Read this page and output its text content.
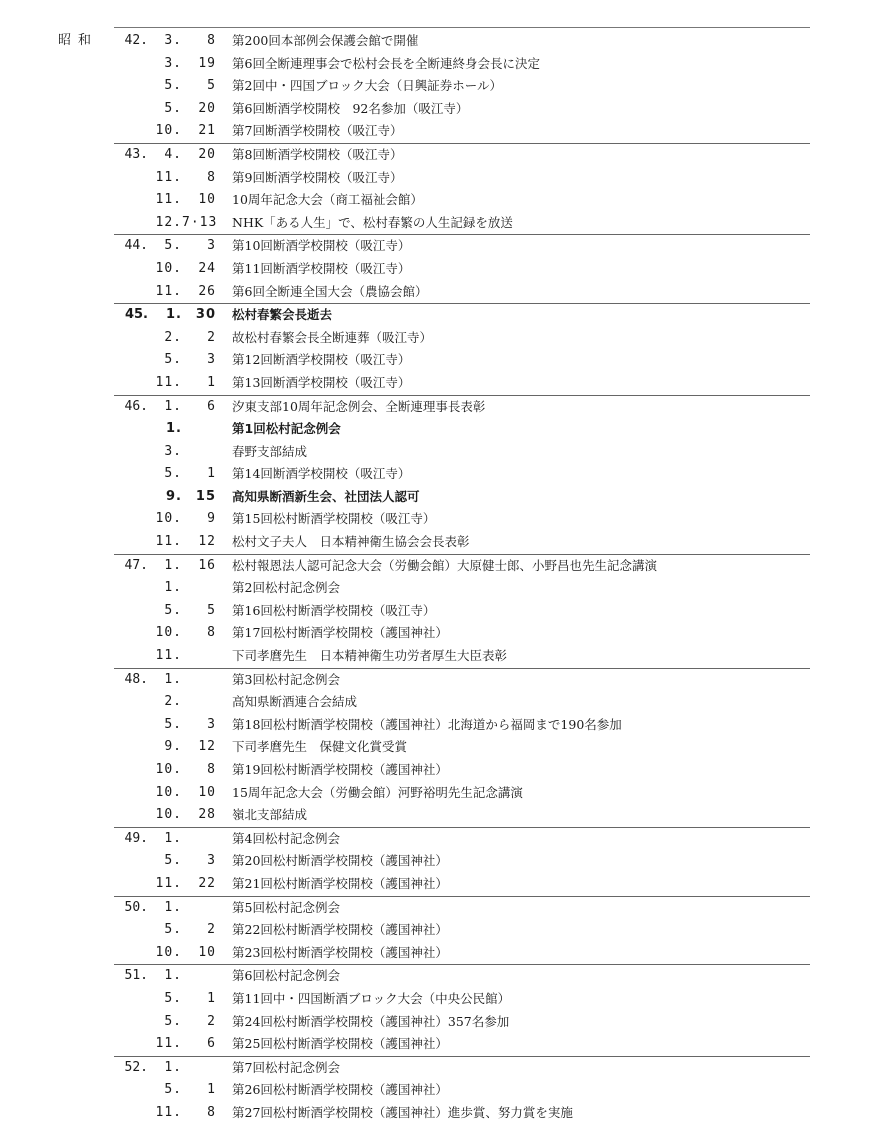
昭和	42.	3. 8 第200回本部例会保護会館で開催
3. 19 第6回全断連理事会で松村会長を全断連終身会長に決定
5. 5 第2回中・四国ブロック大会（日興証券ホール）
5. 20 第6回断酒学校開校　92名参加（吸江寺）
10. 21 第7回断酒学校開校（吸江寺）
43.	4. 20 第8回断酒学校開校（吸江寺）
11. 8 第9回断酒学校開校（吸江寺）
11. 10 10周年記念大会（商工福祉会館）
12.7·13 NHK「ある人生」で、松村春繁の人生記録を放送
44.	5. 3 第10回断酒学校開校（吸江寺）
10. 24 第11回断酒学校開校（吸江寺）
11. 26 第6回全断連全国大会（農協会館）
45.	1. 30 松村春繁会長逝去
2. 2 故松村春繁会長全断連葬（吸江寺）
5. 3 第12回断酒学校開校（吸江寺）
11. 1 第13回断酒学校開校（吸江寺）
46.	1. 6 汐東支部10周年記念例会、全断連理事長表彰
1.	第1回松村記念例会
3.	春野支部結成
5. 1 第14回断酒学校開校（吸江寺）
9. 15 高知県断酒新生会、社団法人認可
10. 9 第15回松村断酒学校開校（吸江寺）
11. 12 松村文子夫人　日本精神衛生協会会長表彰
47.	1. 16 松村報恩法人認可記念大会（労働会館）大原健士郎、小野昌也先生記念講演
1.	第2回松村記念例会
5. 5 第16回松村断酒学校開校（吸江寺）
10. 8 第17回松村断酒学校開校（護国神社）
11.	下司孝麿先生　日本精神衛生功労者厚生大臣表彰
48.	1.	第3回松村記念例会
2.	高知県断酒連合会結成
5. 3 第18回松村断酒学校開校（護国神社）北海道から福岡まで190名参加
9. 12 下司孝麿先生　保健文化賞受賞
10. 8 第19回松村断酒学校開校（護国神社）
10. 10 15周年記念大会（労働会館）河野裕明先生記念講演
10. 28 嶺北支部結成
49.	1.	第4回松村記念例会
5. 3 第20回松村断酒学校開校（護国神社）
11. 22 第21回松村断酒学校開校（護国神社）
50.	1.	第5回松村記念例会
5. 2 第22回松村断酒学校開校（護国神社）
10. 10 第23回松村断酒学校開校（護国神社）
51.	1.	第6回松村記念例会
5. 1 第11回中・四国断酒ブロック大会（中央公民館）
5. 2 第24回松村断酒学校開校（護国神社）357名参加
11. 6 第25回松村断酒学校開校（護国神社）
52.	1.	第7回松村記念例会
5. 1 第26回松村断酒学校開校（護国神社）
11. 8 第27回松村断酒学校開校（護国神社）進歩賞、努力賞を実施
